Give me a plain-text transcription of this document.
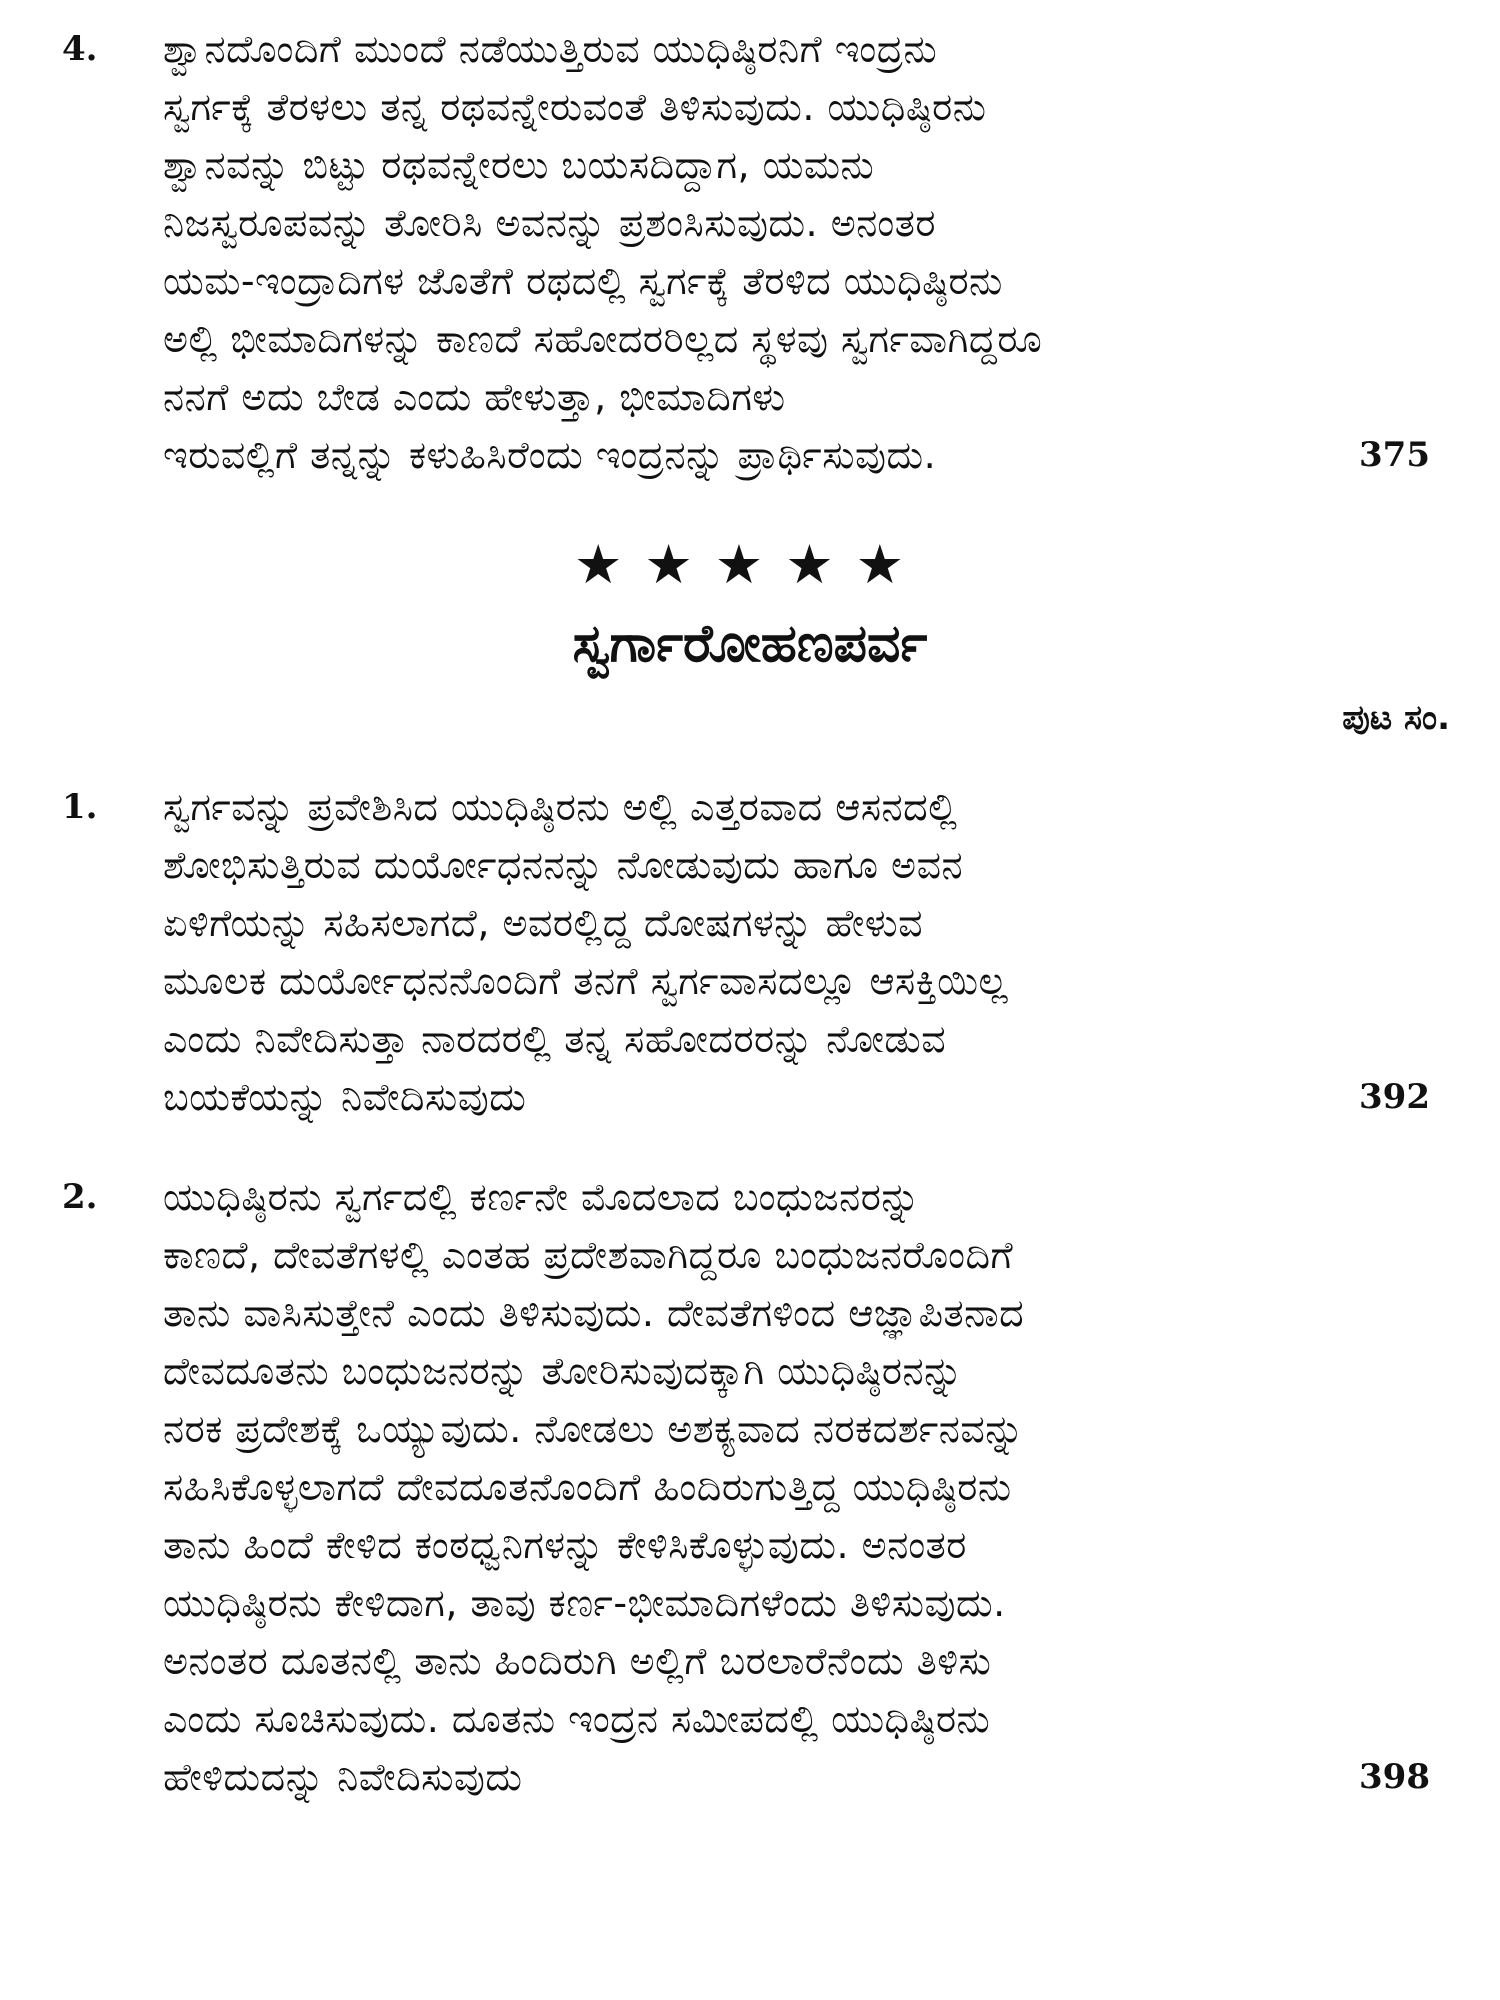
4. ಶ್ವಾನದೊಂದಿಗೆ ಮುಂದೆ ನಡೆಯುತ್ತಿರುವ ಯುಧಿಷ್ಠಿರನಿಗೆ ಇಂದ್ರನು
ಸ್ವರ್ಗಕ್ಕೆ ತೆರಳಲು ತನ್ನ ರಥವನ್ನೇರುವಂತೆ ತಿಳಿಸುವುದು. ಯುಧಿಷ್ಠಿರನು
ಶ್ವಾನವನ್ನು ಬಿಟ್ಟು ರಥವನ್ನೇರಲು ಬಯಸದಿದ್ದಾಗ, ಯಮನು
ನಿಜಸ್ವರೂಪವನ್ನು ತೋರಿಸಿ ಅವನನ್ನು ಪ್ರಶಂಸಿಸುವುದು. ಅನಂತರ
ಯಮ-ಇಂದ್ರಾದಿಗಳ ಜೊತೆಗೆ ರಥದಲ್ಲಿ ಸ್ವರ್ಗಕ್ಕೆ ತೆರಳಿದ ಯುಧಿಷ್ಠಿರನು
ಅಲ್ಲಿ ಭೀಮಾದಿಗಳನ್ನು ಕಾಣದೆ ಸಹೋದರರಿಲ್ಲದ ಸ್ಥಳವು ಸ್ವರ್ಗವಾಗಿದ್ದರೂ
ನನಗೆ ಅದು ಬೇಡ ಎಂದು ಹೇಳುತ್ತಾ, ಭೀಮಾದಿಗಳು
ಇರುವಲ್ಲಿಗೆ ತನ್ನನ್ನು ಕಳುಹಿಸಿರೆಂದು ಇಂದ್ರನನ್ನು ಪ್ರಾರ್ಥಿಸುವುದು.	375
★★★★★
ಸ್ವರ್ಗಾರೋಹಣಪರ್ವ
ಪುಟ ಸಂ.
1. ಸ್ವರ್ಗವನ್ನು ಪ್ರವೇಶಿಸಿದ ಯುಧಿಷ್ಠಿರನು ಅಲ್ಲಿ ಎತ್ತರವಾದ ಆಸನದಲ್ಲಿ
ಶೋಭಿಸುತ್ತಿರುವ ದುರ್ಯೋಧನನನ್ನು ನೋಡುವುದು ಹಾಗೂ ಅವನ
ಏಳಿಗೆಯನ್ನು ಸಹಿಸಲಾಗದೆ, ಅವರಲ್ಲಿದ್ದ ದೋಷಗಳನ್ನು ಹೇಳುವ
ಮೂಲಕ ದುರ್ಯೋಧನನೊಂದಿಗೆ ತನಗೆ ಸ್ವರ್ಗವಾಸದಲ್ಲೂ ಆಸಕ್ತಿಯಿಲ್ಲ
ಎಂದು ನಿವೇದಿಸುತ್ತಾ ನಾರದರಲ್ಲಿ ತನ್ನ ಸಹೋದರರನ್ನು ನೋಡುವ
ಬಯಕೆಯನ್ನು ನಿವೇದಿಸುವುದು	392
2. ಯುಧಿಷ್ಠಿರನು ಸ್ವರ್ಗದಲ್ಲಿ ಕರ್ಣನೇ ಮೊದಲಾದ ಬಂಧುಜನರನ್ನು
ಕಾಣದೆ, ದೇವತೆಗಳಲ್ಲಿ ಎಂತಹ ಪ್ರದೇಶವಾಗಿದ್ದರೂ ಬಂಧುಜನರೊಂದಿಗೆ
ತಾನು ವಾಸಿಸುತ್ತೇನೆ ಎಂದು ತಿಳಿಸುವುದು. ದೇವತೆಗಳಿಂದ ಆಜ್ಞಾಪಿತನಾದ
ದೇವದೂತನು ಬಂಧುಜನರನ್ನು ತೋರಿಸುವುದಕ್ಕಾಗಿ ಯುಧಿಷ್ಠಿರನನ್ನು
ನರಕ ಪ್ರದೇಶಕ್ಕೆ ಒಯ್ಯುವುದು. ನೋಡಲು ಅಶಕ್ಯವಾದ ನರಕದರ್ಶನವನ್ನು
ಸಹಿಸಿಕೊಳ್ಳಲಾಗದೆ ದೇವದೂತನೊಂದಿಗೆ ಹಿಂದಿರುಗುತ್ತಿದ್ದ ಯುಧಿಷ್ಠಿರನು
ತಾನು ಹಿಂದೆ ಕೇಳಿದ ಕಂಠಧ್ವನಿಗಳನ್ನು ಕೇಳಿಸಿಕೊಳ್ಳುವುದು. ಅನಂತರ
ಯುಧಿಷ್ಠಿರನು ಕೇಳಿದಾಗ, ತಾವು ಕರ್ಣ-ಭೀಮಾದಿಗಳೆಂದು ತಿಳಿಸುವುದು.
ಅನಂತರ ದೂತನಲ್ಲಿ ತಾನು ಹಿಂದಿರುಗಿ ಅಲ್ಲಿಗೆ ಬರಲಾರೆನೆಂದು ತಿಳಿಸು
ಎಂದು ಸೂಚಿಸುವುದು. ದೂತನು ಇಂದ್ರನ ಸಮೀಪದಲ್ಲಿ ಯುಧಿಷ್ಠಿರನು
ಹೇಳಿದುದನ್ನು ನಿವೇದಿಸುವುದು	398
